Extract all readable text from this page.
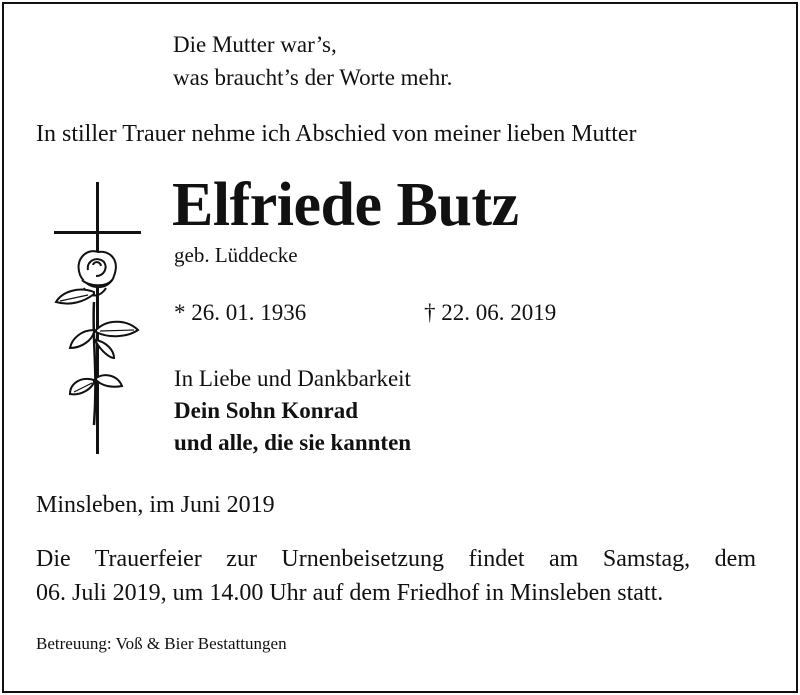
Die Mutter war’s,
was braucht’s der Worte mehr.
In stiller Trauer nehme ich Abschied von meiner lieben Mutter
Elfriede Butz
geb. Lüddecke
* 26. 01. 1936	† 22. 06. 2019
In Liebe und Dankbarkeit
Dein Sohn Konrad
und alle, die sie kannten
Minsleben, im Juni 2019
Die Trauerfeier zur Urnenbeisetzung findet am Samstag, dem
06. Juli 2019, um 14.00 Uhr auf dem Friedhof in Minsleben statt.
Betreuung: Voß & Bier Bestattungen
